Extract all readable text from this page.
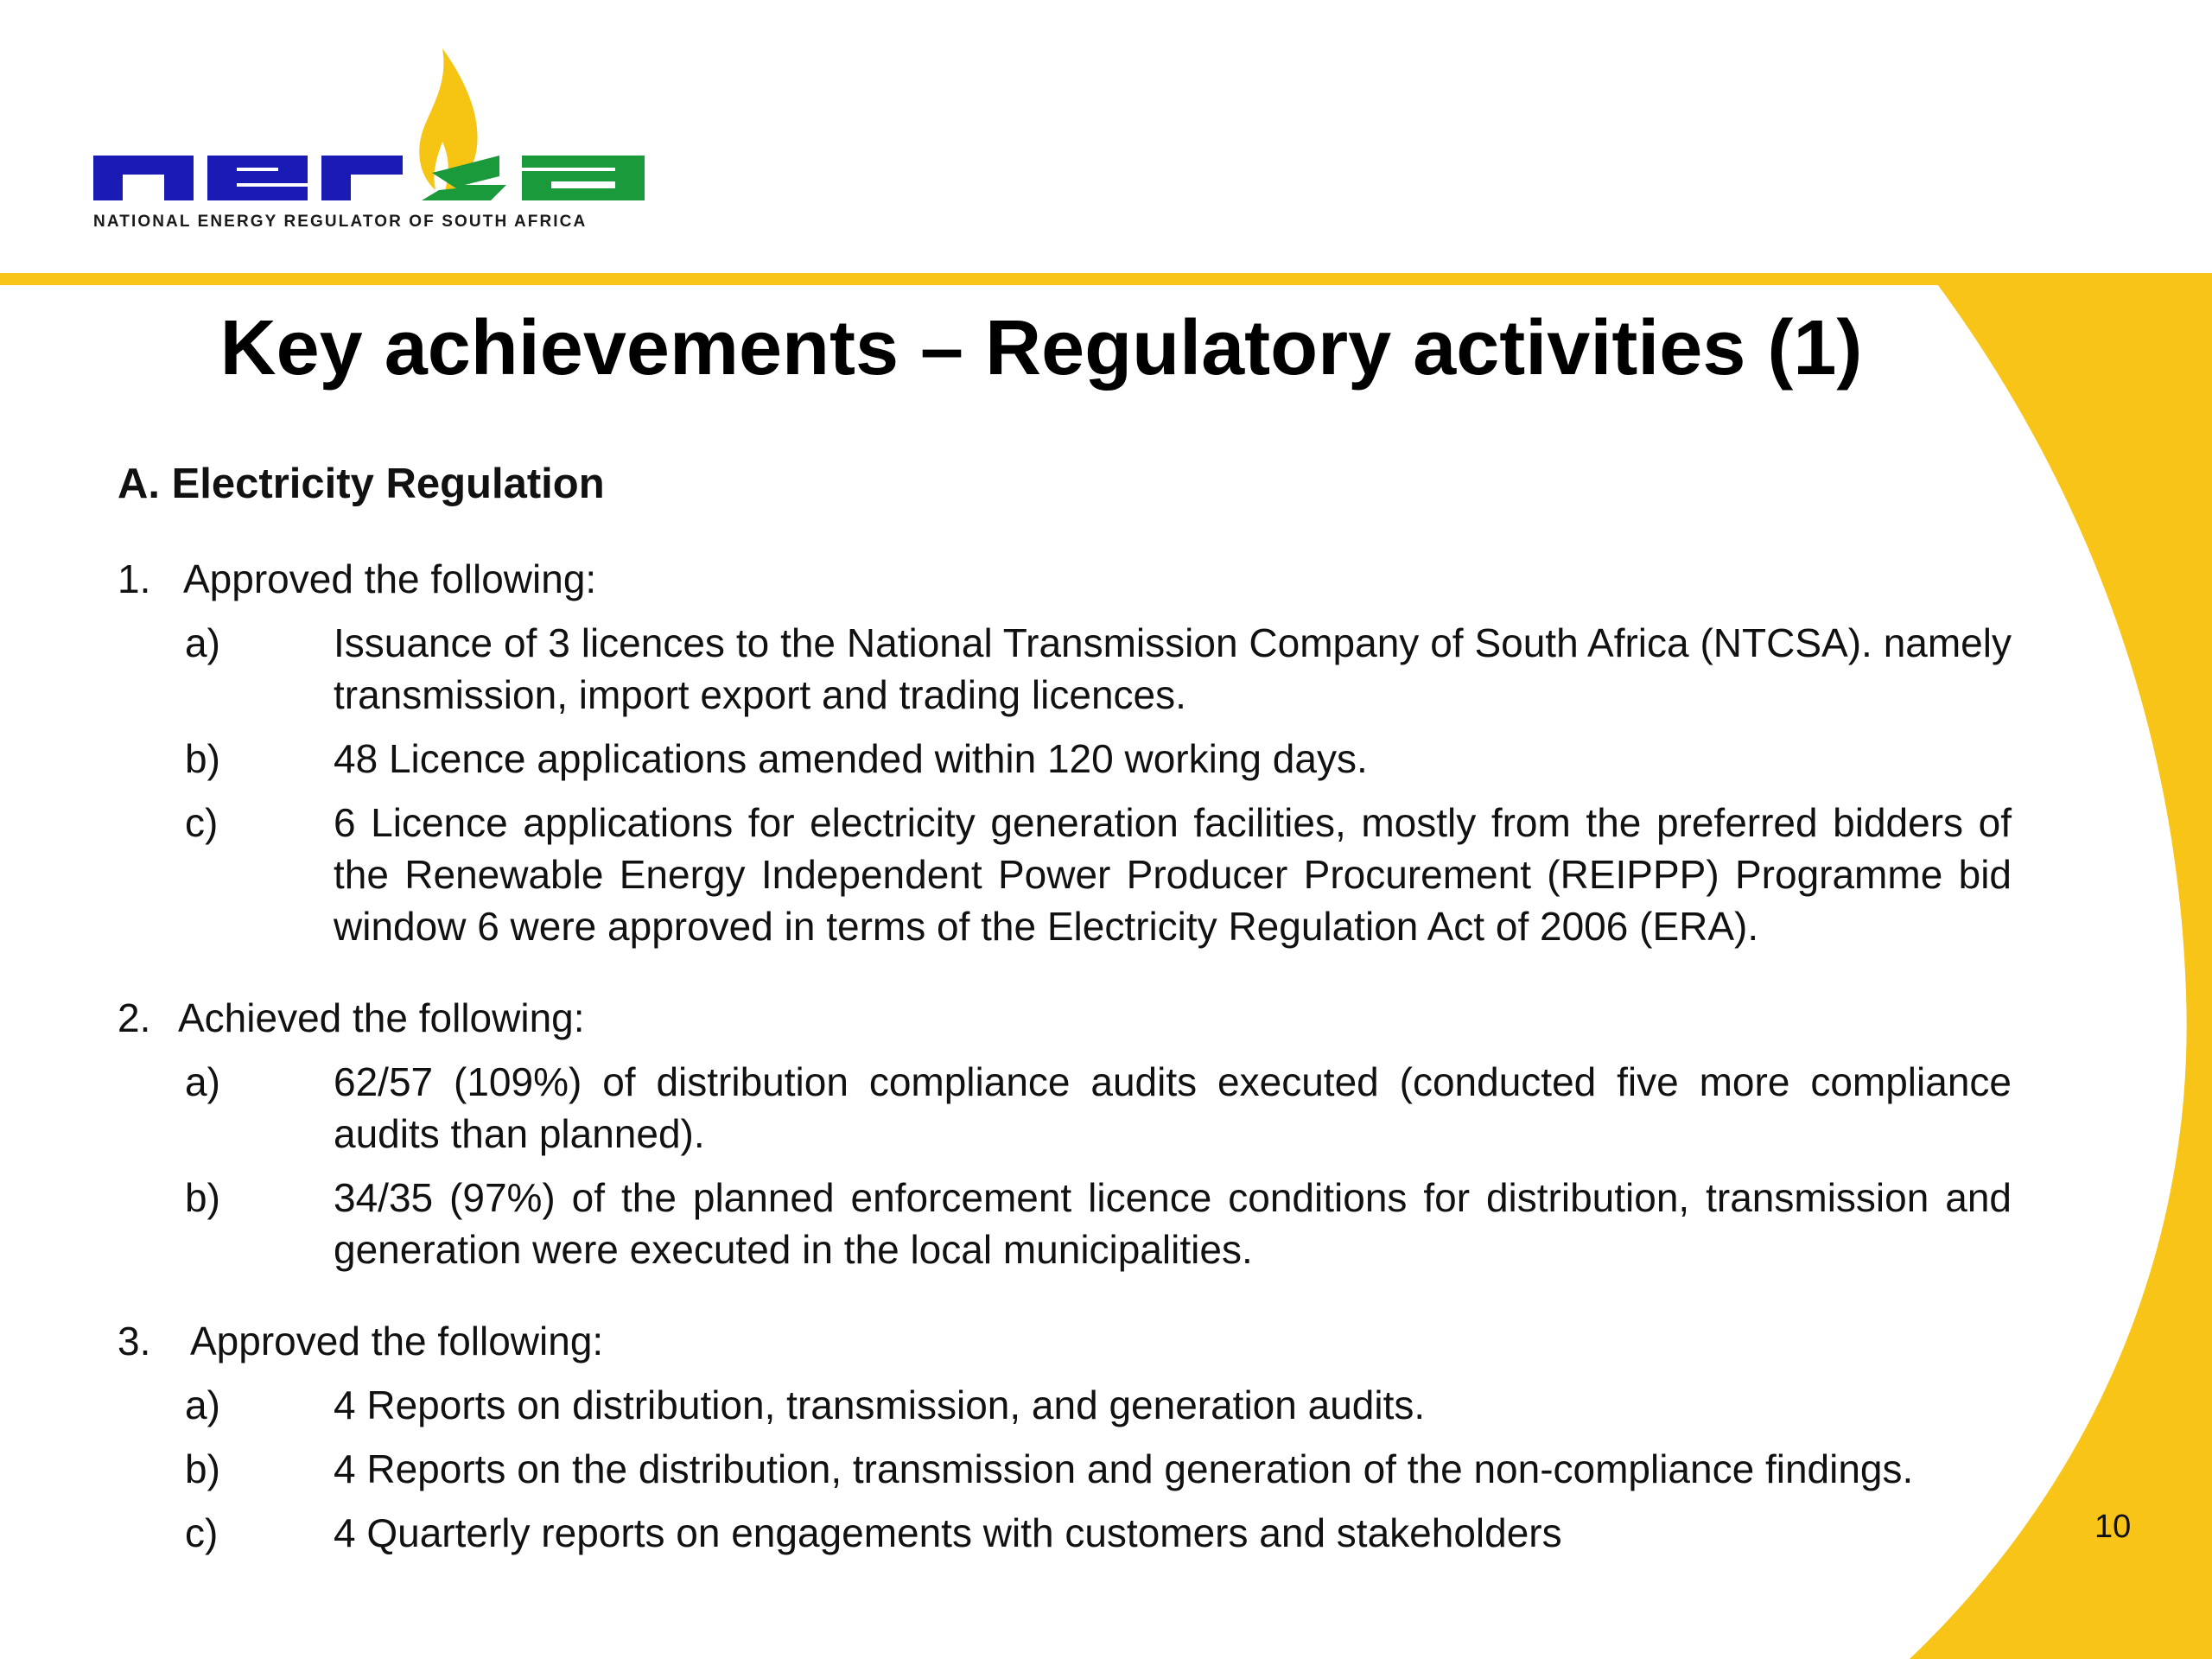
NATIONAL ENERGY REGULATOR OF SOUTH AFRICA
Key achievements – Regulatory activities (1)
A. Electricity Regulation
1. Approved the following:
a)	Issuance of 3 licences to the National Transmission Company of South Africa (NTCSA). namely transmission, import export and trading licences.
b)	48 Licence applications amended within 120 working days.
c)	6 Licence applications for electricity generation facilities, mostly from the preferred bidders of the Renewable Energy Independent Power Producer Procurement (REIPPP) Programme bid window 6 were approved in terms of the Electricity Regulation Act of 2006 (ERA).
2. Achieved the following:
a)	62/57 (109%) of distribution compliance audits executed (conducted five more compliance audits than planned).
b)	34/35 (97%) of the planned enforcement licence conditions for distribution, transmission and generation were executed in the local municipalities.
3. Approved the following:
a)	4 Reports on distribution, transmission, and generation audits.
b)	4 Reports on the distribution, transmission and generation of the non-compliance findings.
c)	4 Quarterly reports on engagements with customers and stakeholders	10
